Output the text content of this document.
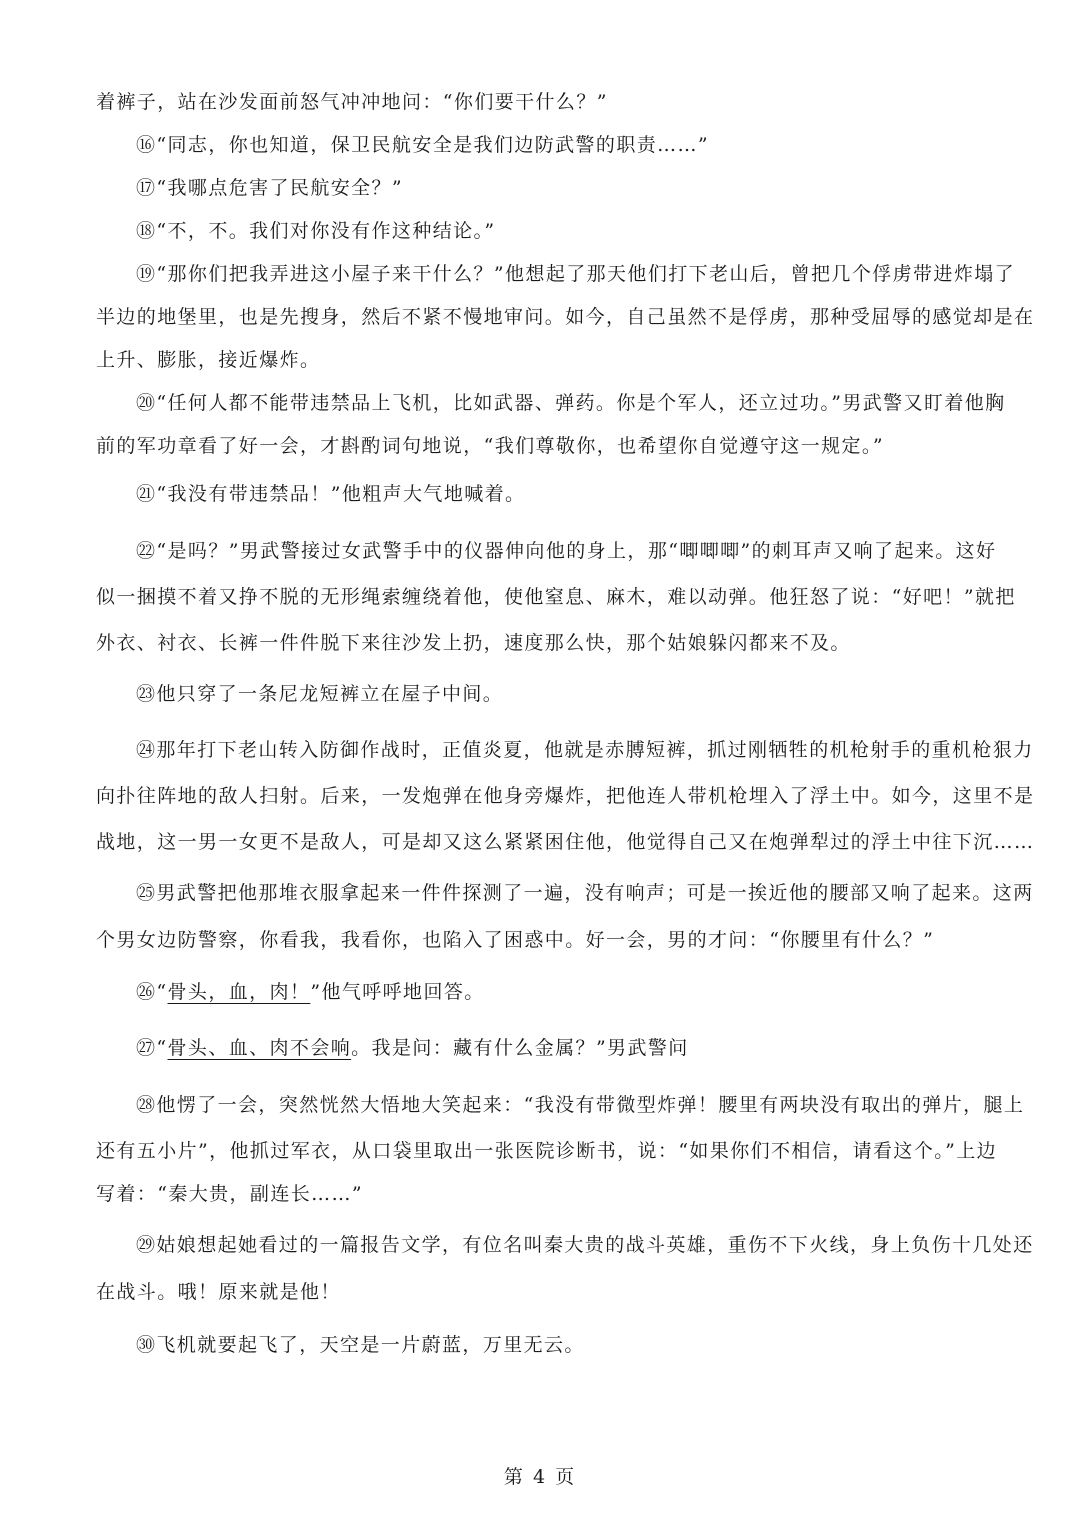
着裤子，站在沙发面前怒气冲冲地问：“你们要干什么？”
⑯“同志，你也知道，保卫民航安全是我们边防武警的职责……”
⑰“我哪点危害了民航安全？”
⑱“不，不。我们对你没有作这种结论。”
⑲“那你们把我弄进这小屋子来干什么？”他想起了那天他们打下老山后，曾把几个俘虏带进炸塌了
半边的地堡里，也是先搜身，然后不紧不慢地审问。如今，自己虽然不是俘虏，那种受屈辱的感觉却是在
上升、膨胀，接近爆炸。
⑳“任何人都不能带违禁品上飞机，比如武器、弹药。你是个军人，还立过功。”男武警又盯着他胸
前的军功章看了好一会，才斟酌词句地说，“我们尊敬你，也希望你自觉遵守这一规定。”
㉑“我没有带违禁品！”他粗声大气地喊着。
㉒“是吗？”男武警接过女武警手中的仪器伸向他的身上，那“唧唧唧”的刺耳声又响了起来。这好
似一捆摸不着又挣不脱的无形绳索缠绕着他，使他窒息、麻木，难以动弹。他狂怒了说：“好吧！”就把
外衣、衬衣、长裤一件件脱下来往沙发上扔，速度那么快，那个姑娘躲闪都来不及。
㉓他只穿了一条尼龙短裤立在屋子中间。
㉔那年打下老山转入防御作战时，正值炎夏，他就是赤膊短裤，抓过刚牺牲的机枪射手的重机枪狠力
向扑往阵地的敌人扫射。后来，一发炮弹在他身旁爆炸，把他连人带机枪埋入了浮土中。如今，这里不是
战地，这一男一女更不是敌人，可是却又这么紧紧困住他，他觉得自己又在炮弹犁过的浮土中往下沉……
㉕男武警把他那堆衣服拿起来一件件探测了一遍，没有响声；可是一挨近他的腰部又响了起来。这两
个男女边防警察，你看我，我看你，也陷入了困惑中。好一会，男的才问：“你腰里有什么？”
㉖“骨头，血，肉！”他气呼呼地回答。
㉗“骨头、血、肉不会响。我是问：藏有什么金属？”男武警问
㉘他愣了一会，突然恍然大悟地大笑起来：“我没有带微型炸弹！腰里有两块没有取出的弹片，腿上
还有五小片”，他抓过军衣，从口袋里取出一张医院诊断书，说：“如果你们不相信，请看这个。”上边
写着：“秦大贵，副连长……”
㉙姑娘想起她看过的一篇报告文学，有位名叫秦大贵的战斗英雄，重伤不下火线，身上负伤十几处还
在战斗。哦！原来就是他！
㉚飞机就要起飞了，天空是一片蔚蓝，万里无云。
第 4 页
